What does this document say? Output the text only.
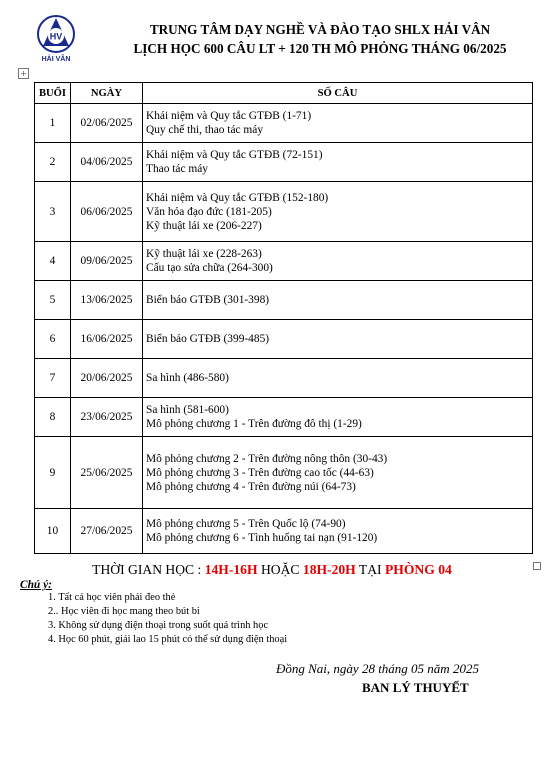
HV
HẢI VÂN
TRUNG TÂM DẠY NGHỀ VÀ ĐÀO TẠO SHLX HẢI VÂN
LỊCH HỌC 600 CÂU LT + 120 TH MÔ PHỎNG THÁNG 06/2025
+
BUỔI	NGÀY	SỐ CÂU
1	02/06/2025	Khái niệm và Quy tắc GTĐB (1-71)
Quy chế thi, thao tác máy

2	04/06/2025	Khái niệm và Quy tắc GTĐB (72-151)
Thao tác máy

3	06/06/2025	Khái niệm và Quy tắc GTĐB (152-180)
Văn hóa đạo đức (181-205)
Kỹ thuật lái xe (206-227)

4	09/06/2025	Kỹ thuật lái xe (228-263)
Cấu tạo sửa chữa (264-300)

5	13/06/2025	Biển báo GTĐB (301-398)

6	16/06/2025	Biển báo GTĐB (399-485)

7	20/06/2025	Sa hình (486-580)

8	23/06/2025	Sa hình (581-600)
Mô phỏng chương 1 - Trên đường đô thị (1-29)

9	25/06/2025	Mô phỏng chương 2 - Trên đường nông thôn (30-43)
Mô phỏng chương 3 - Trên đường cao tốc (44-63)
Mô phỏng chương 4 - Trên đường núi (64-73)

10	27/06/2025	Mô phỏng chương 5 - Trên Quốc lộ (74-90)
Mô phỏng chương 6 - Tình huống tai nạn (91-120)
THỜI GIAN HỌC : 14H-16H HOẶC 18H-20H TẠI PHÒNG 04
Chú ý:
1. Tất cả học viên phải đeo thẻ
2.. Học viên đi học mang theo bút bi
3. Không sử dụng điện thoại trong suốt quá trình học
4. Học 60 phút, giải lao 15 phút có thể sử dụng điện thoại
Đồng Nai, ngày 28 tháng 05 năm 2025
BAN LÝ THUYẾT
